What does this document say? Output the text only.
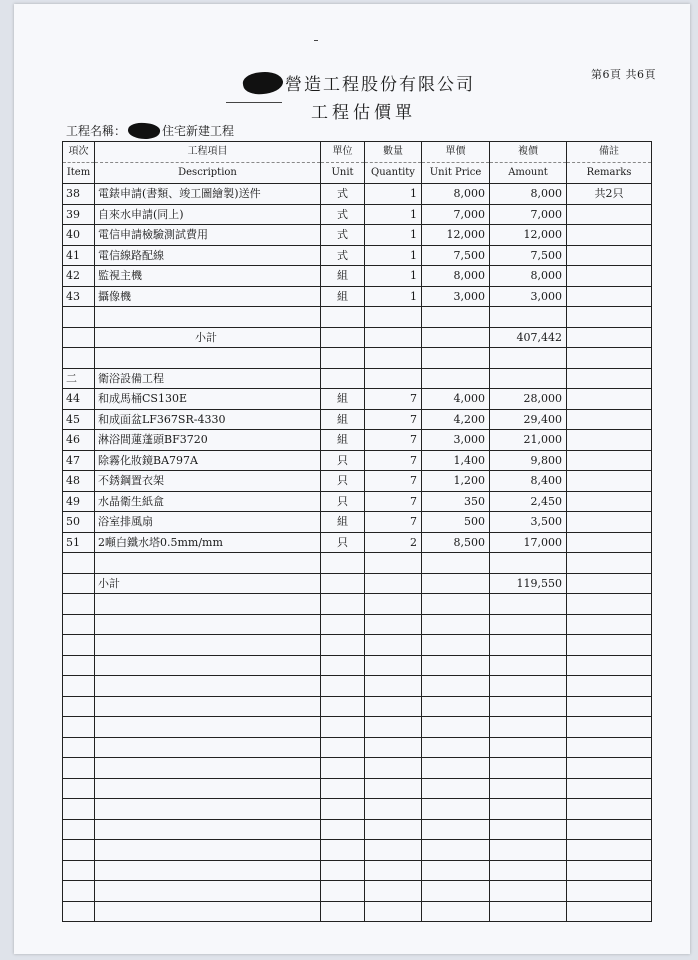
第6頁 共6頁
營造工程股份有限公司
工程估價單
工程名稱：	住宅新建工程
項次	工程項目	單位	數量	單價	複價	備註
Item	Description	Unit	Quantity	Unit Price	Amount	Remarks
38	電錶申請(書類、竣工圖繪製)送件	式	1	8,000	8,000	共2只
39	自來水申請(同上)	式	1	7,000	7,000	
40	電信申請檢驗測試費用	式	1	12,000	12,000	
41	電信線路配線	式	1	7,500	7,500	
42	監視主機	組	1	8,000	8,000	
43	攝像機	組	1	3,000	3,000	

	小計				407,442	

二	衛浴設備工程					
44	和成馬桶CS130E	組	7	4,000	28,000	
45	和成面盆LF367SR-4330	組	7	4,200	29,400	
46	淋浴間蓮蓬頭BF3720	組	7	3,000	21,000	
47	除霧化妝鏡BA797A	只	7	1,400	9,800	
48	不銹鋼置衣架	只	7	1,200	8,400	
49	水晶衛生紙盒	只	7	350	2,450	
50	浴室排風扇	組	7	500	3,500	
51	2噸白鐵水塔0.5mm/mm	只	2	8,500	17,000	

	小計				119,550	
